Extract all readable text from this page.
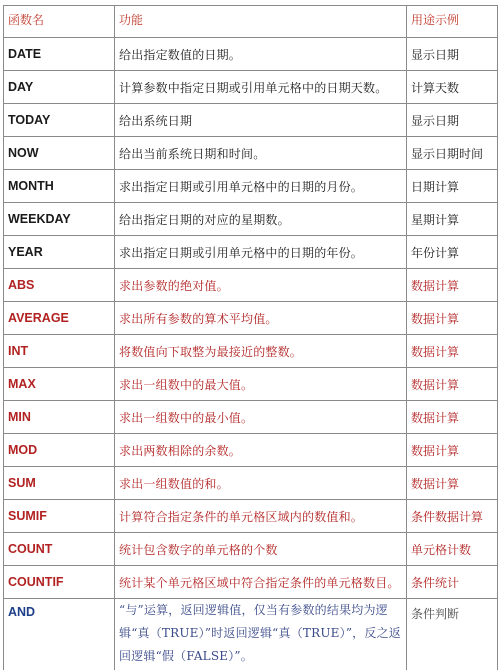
函数名	功能	用途示例
DATE	给出指定数值的日期。	显示日期
DAY	计算参数中指定日期或引用单元格中的日期天数。	计算天数
TODAY	给出系统日期	显示日期
NOW	给出当前系统日期和时间。	显示日期时间
MONTH	求出指定日期或引用单元格中的日期的月份。	日期计算
WEEKDAY	给出指定日期的对应的星期数。	星期计算
YEAR	求出指定日期或引用单元格中的日期的年份。	年份计算
ABS	求出参数的绝对值。	数据计算
AVERAGE	求出所有参数的算术平均值。	数据计算
INT	将数值向下取整为最接近的整数。	数据计算
MAX	求出一组数中的最大值。	数据计算
MIN	求出一组数中的最小值。	数据计算
MOD	求出两数相除的余数。	数据计算
SUM	求出一组数值的和。	数据计算
SUMIF	计算符合指定条件的单元格区域内的数值和。	条件数据计算
COUNT	统计包含数字的单元格的个数	单元格计数
COUNTIF	统计某个单元格区域中符合指定条件的单元格数目。	条件统计
AND	“与”运算，返回逻辑值，仅当有参数的结果均为逻辑“真（TRUE）”时返回逻辑“真（TRUE）”，反之返回逻辑“假（FALSE）”。	条件判断
